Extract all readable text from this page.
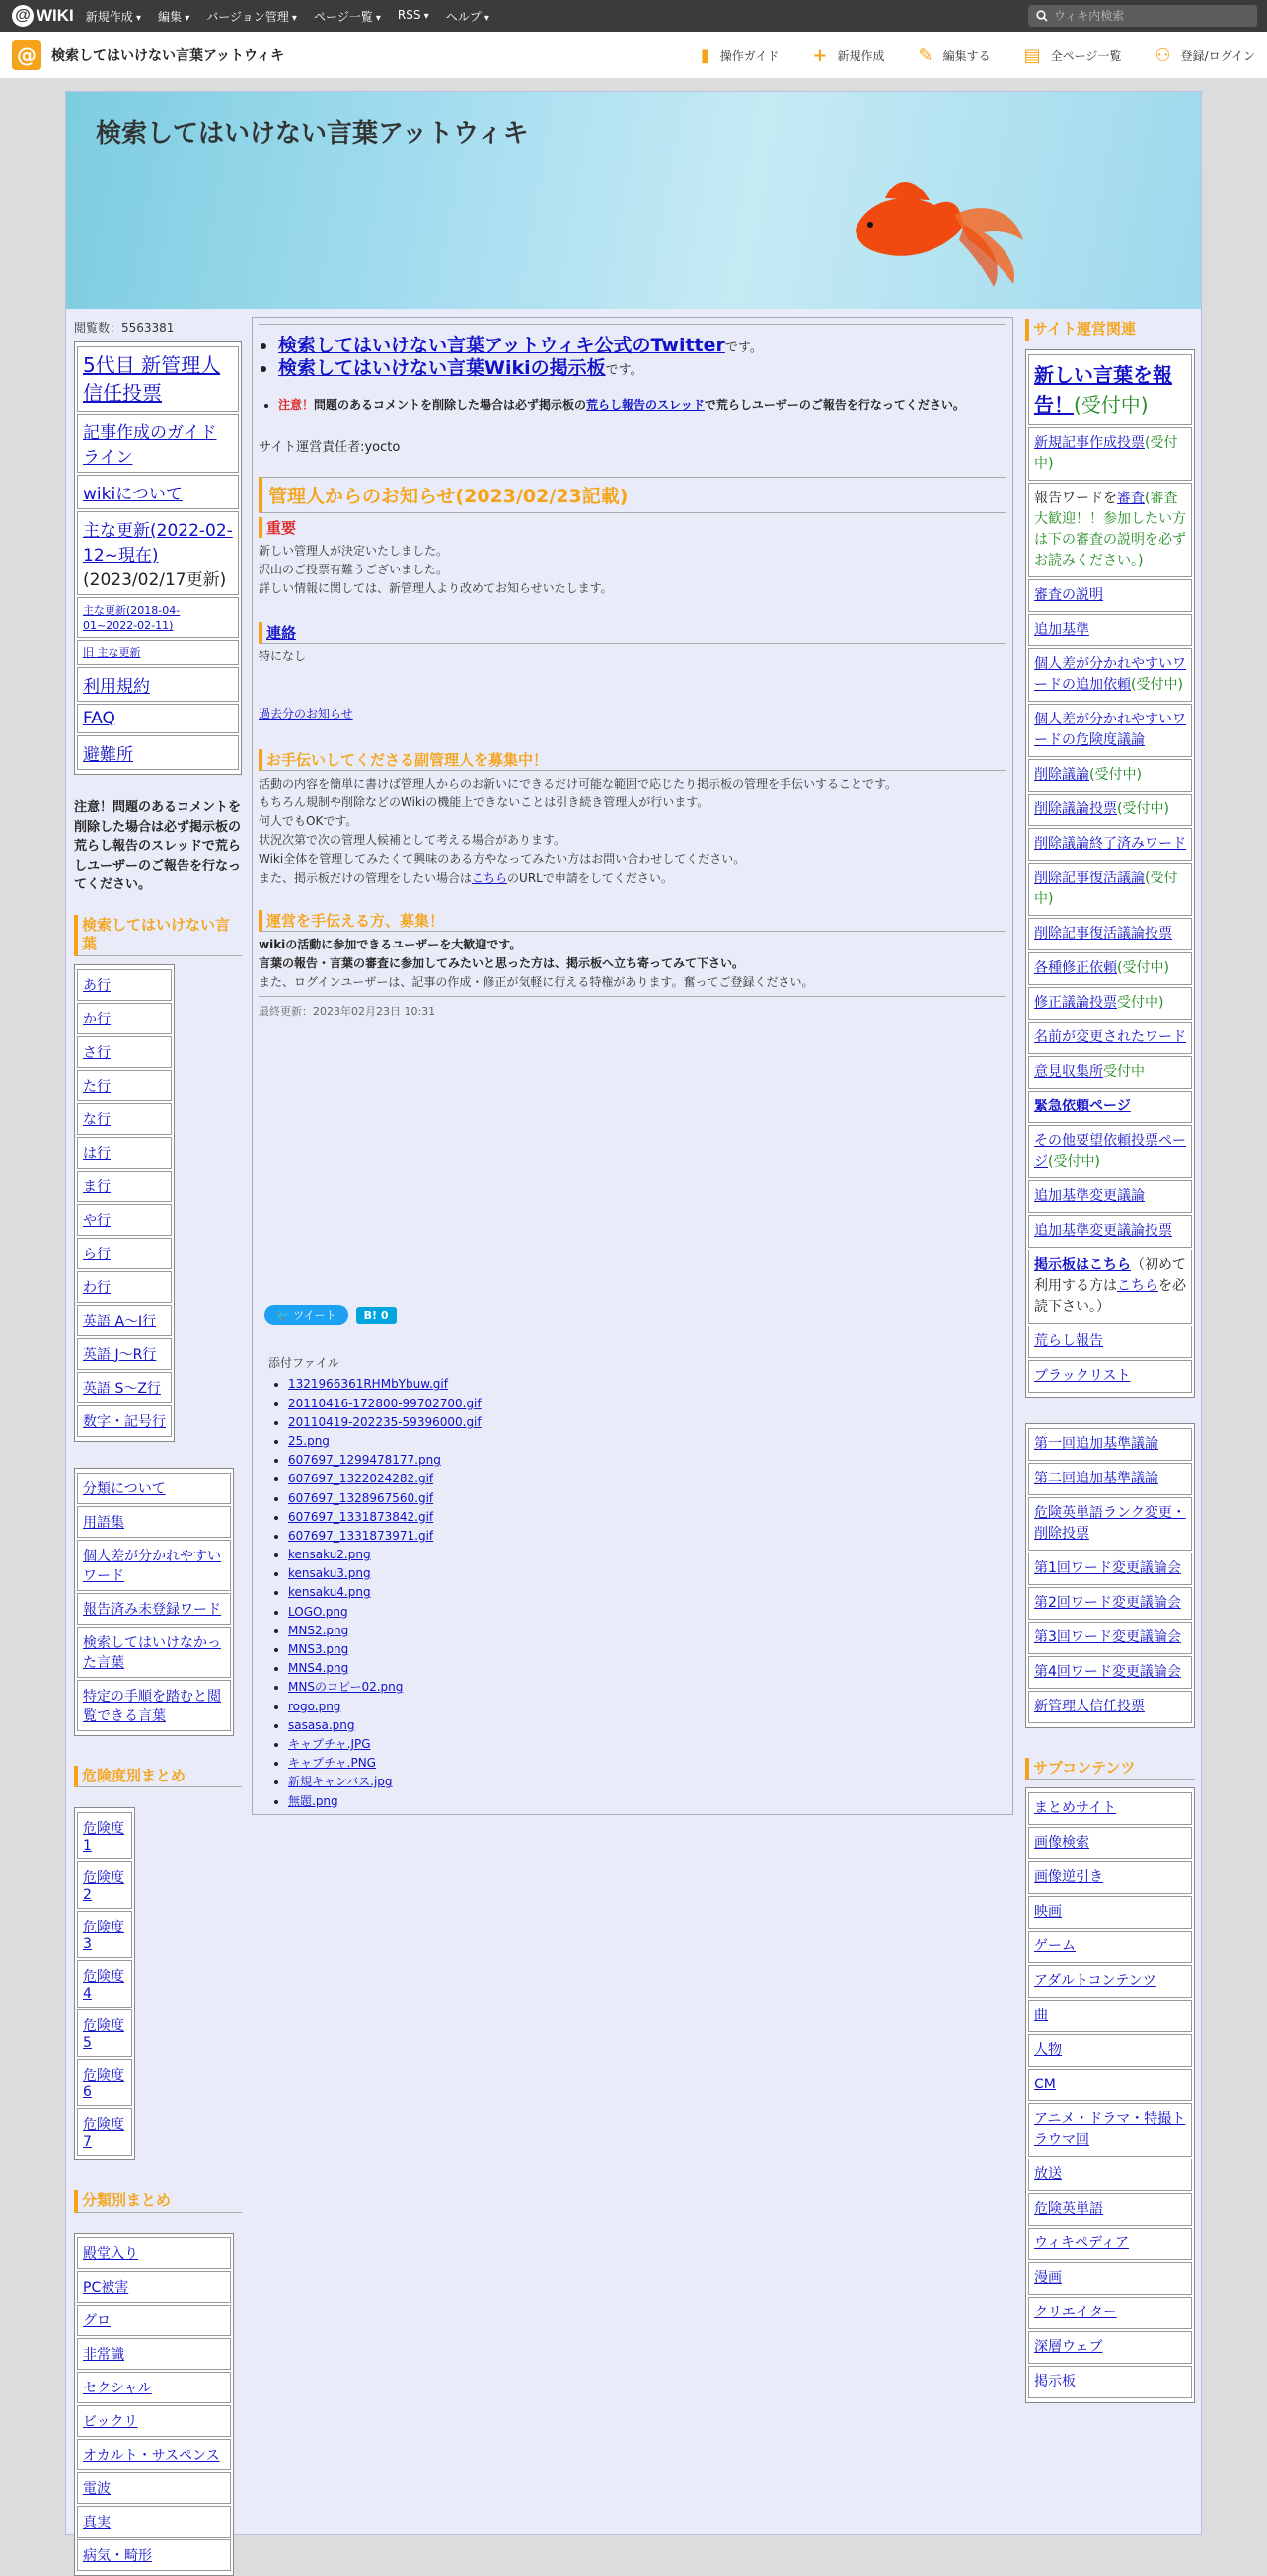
@ WIKI 新規作成 ▾	編集 ▾	バージョン管理 ▾	ページ一覧 ▾	RSS ▾	ヘルプ ▾
ウィキ内検索
@	検索してはいけない言葉アットウィキ	▮ 操作ガイド + 新規作成 ✎ 編集する ▤ 全ページ一覧 ⚇ 登録/ログイン
検索してはいけない言葉アットウィキ
閲覧数：5563381
5代目 新管理人信任投票
記事作成のガイドライン
wikiについて
主な更新(2022-02-12~現在)(2023/02/17更新)
主な更新(2018-04-01~2022-02-11)
旧 主な更新
利用規約
FAQ
避難所
注意！問題のあるコメントを削除した場合は必ず掲示板の荒らし報告のスレッドで荒らしユーザーのご報告を行なってください。
検索してはいけない言葉
あ行
か行
さ行
た行
な行
は行
ま行
や行
ら行
わ行
英語 A〜I行
英語 J〜R行
英語 S〜Z行
数字・記号行
分類について
用語集
個人差が分かれやすいワード
報告済み未登録ワード
検索してはいけなかった言葉
特定の手順を踏むと閲覧できる言葉
危険度別まとめ
危険度1
危険度2
危険度3
危険度4
危険度5
危険度6
危険度7
分類別まとめ
殿堂入り
PC被害
グロ
非常識
セクシャル
ビックリ
オカルト・サスペンス
電波
真実
病気・畸形
• 検索してはいけない言葉アットウィキ公式のTwitterです。
• 検索してはいけない言葉Wikiの掲示板です。
• 注意！問題のあるコメントを削除した場合は必ず掲示板の荒らし報告のスレッドで荒らしユーザーのご報告を行なってください。
サイト運営責任者:yocto
管理人からのお知らせ(2023/02/23記載)
重要
新しい管理人が決定いたしました。
沢山のご投票有難うございました。
詳しい情報に関しては、新管理人より改めてお知らせいたします。
連絡
特になし
過去分のお知らせ
お手伝いしてくださる副管理人を募集中！
活動の内容を簡単に書けば管理人からのお新いにできるだけ可能な範囲で応じたり掲示板の管理を手伝いすることです。
もちろん規制や削除などのWikiの機能上できないことは引き続き管理人が行います。
何人でもOKです。
状況次第で次の管理人候補として考える場合があります。
Wiki全体を管理してみたくて興味のある方やなってみたい方はお問い合わせしてください。
また、掲示板だけの管理をしたい場合はこちらのURLで申請をしてください。
運営を手伝える方、募集！
wikiの活動に参加できるユーザーを大歓迎です。
言葉の報告・言葉の審査に参加してみたいと思った方は、掲示板へ立ち寄ってみて下さい。
また、ログインユーザーは、記事の作成・修正が気軽に行える特権があります。奮ってご登録ください。
最終更新：2023年02月23日 10:31
🐦 ツイート	B! 0
添付ファイル
• 1321966361RHMbYbuw.gif
• 20110416-172800-99702700.gif
• 20110419-202235-59396000.gif
• 25.png
• 607697_1299478177.png
• 607697_1322024282.gif
• 607697_1328967560.gif
• 607697_1331873842.gif
• 607697_1331873971.gif
• kensaku2.png
• kensaku3.png
• kensaku4.png
• LOGO.png
• MNS2.png
• MNS3.png
• MNS4.png
• MNSのコピー02.png
• rogo.png
• sasasa.png
• キャプチャ.JPG
• キャプチャ.PNG
• 新規キャンバス.jpg
• 無題.png
サイト運営関連
新しい言葉を報告！(受付中)
新規記事作成投票(受付中)
報告ワードを審査(審査大歓迎！！参加したい方は下の審査の説明を必ずお読みください。)
審査の説明
追加基準
個人差が分かれやすいワードの追加依頼(受付中)
個人差が分かれやすいワードの危険度議論
削除議論(受付中)
削除議論投票(受付中)
削除議論終了済みワード
削除記事復活議論(受付中)
削除記事復活議論投票
各種修正依頼(受付中)
修正議論投票受付中)
名前が変更されたワード
意見収集所受付中
緊急依頼ページ
その他要望依頼投票ページ(受付中)
追加基準変更議論
追加基準変更議論投票
掲示板はこちら（初めて利用する方はこちらを必読下さい。）
荒らし報告
ブラックリスト
第一回追加基準議論
第二回追加基準議論
危険英単語ランク変更・削除投票
第1回ワード変更議論会
第2回ワード変更議論会
第3回ワード変更議論会
第4回ワード変更議論会
新管理人信任投票
サブコンテンツ
まとめサイト
画像検索
画像逆引き
映画
ゲーム
アダルトコンテンツ
曲
人物
CM
アニメ・ドラマ・特撮トラウマ回
放送
危険英単語
ウィキペディア
漫画
クリエイター
深層ウェブ
掲示板
